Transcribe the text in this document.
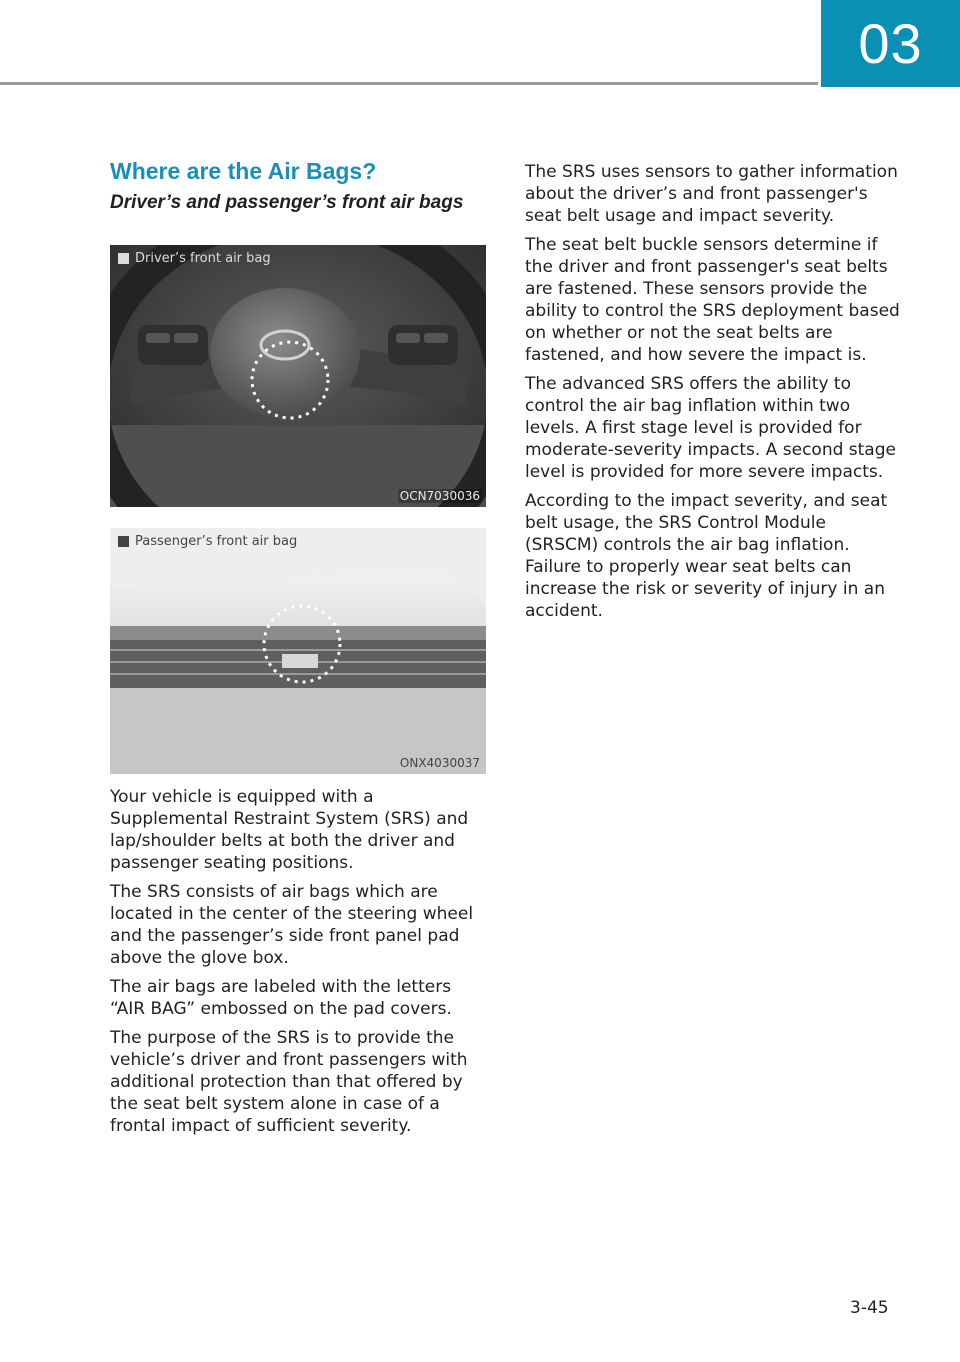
03
Where are the Air Bags?
Driver’s and passenger’s front air bags
Driver’s front air bag
OCN7030036
Passenger’s front air bag
ONX4030037

Your vehicle is equipped with a Supplemental Restraint System (SRS) and lap/shoulder belts at both the driver and passenger seating positions.

The SRS consists of air bags which are located in the center of the steering wheel and the passenger’s side front panel pad above the glove box.

The air bags are labeled with the letters “AIR BAG” embossed on the pad covers.

The purpose of the SRS is to provide the vehicle’s driver and front passengers with additional protection than that offered by the seat belt system alone in case of a frontal impact of sufficient severity.

The SRS uses sensors to gather information about the driver’s and front passenger's seat belt usage and impact severity.

The seat belt buckle sensors determine if the driver and front passenger's seat belts are fastened. These sensors provide the ability to control the SRS deployment based on whether or not the seat belts are fastened, and how severe the impact is.

The advanced SRS offers the ability to control the air bag inflation within two levels. A first stage level is provided for moderate-severity impacts. A second stage level is provided for more severe impacts.

According to the impact severity, and seat belt usage, the SRS Control Module (SRSCM) controls the air bag inflation. Failure to properly wear seat belts can increase the risk or severity of injury in an accident.

3-45
